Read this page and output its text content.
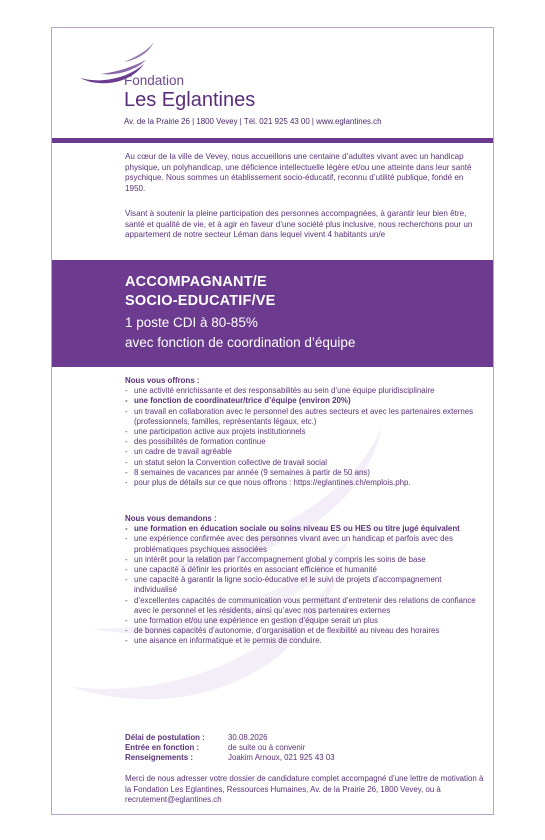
Fondation
Les Eglantines
Av. de la Prairie 26 | 1800 Vevey | Tél. 021 925 43 00 | www.eglantines.ch
Au cœur de la ville de Vevey, nous accueillons une centaine d’adultes vivant avec un handicap physique, un polyhandicap, une déficience intellectuelle légère et/ou une atteinte dans leur santé psychique. Nous sommes un établissement socio-éducatif, reconnu d’utilité publique, fondé en 1950.
Visant à soutenir la pleine participation des personnes accompagnées, à garantir leur bien être, santé et qualité de vie, et à agir en faveur d’une société plus inclusive, nous recherchons pour un appartement de notre secteur Léman dans lequel vivent 4 habitants un/e
ACCOMPAGNANT/E
SOCIO-EDUCATIF/VE
1 poste CDI à 80-85%
avec fonction de coordination d’équipe
Nous vous offrons :
- une activité enrichissante et des responsabilités au sein d’une équipe pluridisciplinaire
- une fonction de coordinateur/trice d’équipe (environ 20%)
- un travail en collaboration avec le personnel des autres secteurs et avec les partenaires externes (professionnels, familles, représentants légaux, etc.)
- une participation active aux projets institutionnels
- des possibilités de formation continue
- un cadre de travail agréable
- un statut selon la Convention collective de travail social
- 8 semaines de vacances par année (9 semaines à partir de 50 ans)
- pour plus de détails sur ce que nous offrons : https://eglantines.ch/emplois.php.
Nous vous demandons :
- une formation en éducation sociale ou soins niveau ES ou HES ou titre jugé équivalent
- une expérience confirmée avec des personnes vivant avec un handicap et parfois avec des problématiques psychiques associées
- un intérêt pour la relation par l’accompagnement global y compris les soins de base
- une capacité à définir les priorités en associant efficience et humanité
- une capacité à garantir la ligne socio-éducative et le suivi de projets d’accompagnement individualisé
- d’excellentes capacités de communication vous permettant d’entretenir des relations de confiance avec le personnel et les résidents, ainsi qu’avec nos partenaires externes
- une formation et/ou une expérience en gestion d’équipe serait un plus
- de bonnes capacités d’autonomie, d’organisation et de flexibilité au niveau des horaires
- une aisance en informatique et le permis de conduire.
Délai de postulation :	30.08.2026
Entrée en fonction :	de suite ou à convenir
Renseignements :	Joakim Arnoux, 021 925 43 03
Merci de nous adresser votre dossier de candidature complet accompagné d’une lettre de motivation à la Fondation Les Eglantines, Ressources Humaines, Av. de la Prairie 26, 1800 Vevey, ou à recrutement@eglantines.ch
